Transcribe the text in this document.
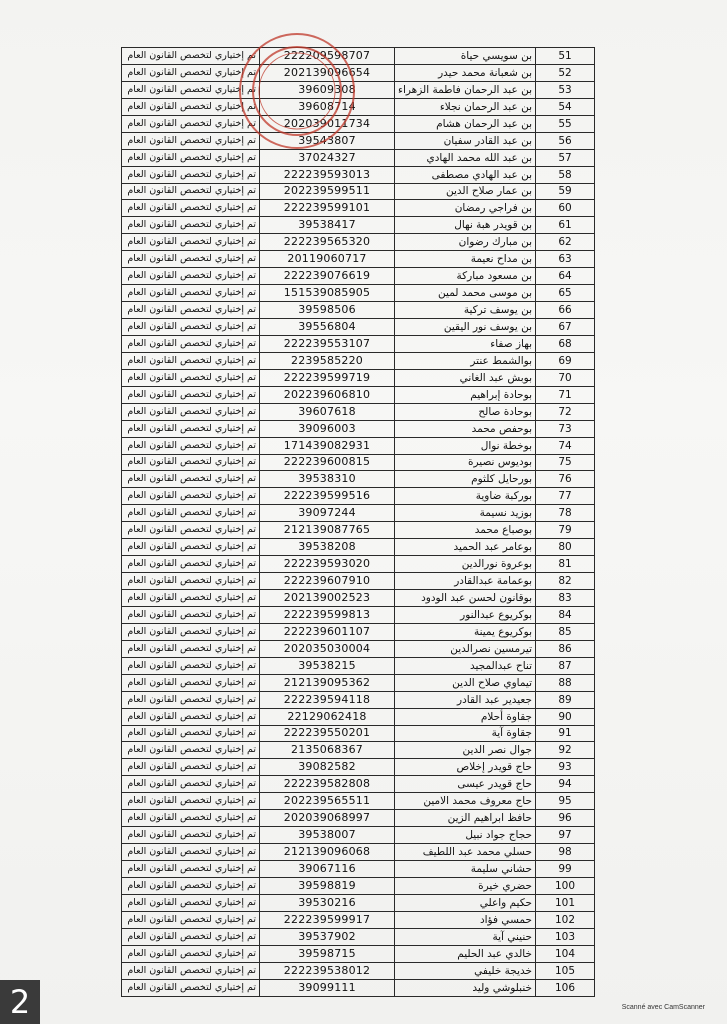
51	بن سويسي حياة	222209598707	تم إختياري لتخصص القانون العام
52	بن شعبانة محمد حيدر	202139096654	تم إختياري لتخصص القانون العام
53	بن عبد الرحمان فاطمة الزهراء	39609308	تم إختياري لتخصص القانون العام
54	بن عبد الرحمان نجلاء	39608714	تم إختياري لتخصص القانون العام
55	بن عبد الرحمان هشام	202039011734	تم إختياري لتخصص القانون العام
56	بن عبد القادر سفيان	39543807	تم إختياري لتخصص القانون العام
57	بن عبد الله محمد الهادي	37024327	تم إختياري لتخصص القانون العام
58	بن عبد الهادي مصطفى	222239593013	تم إختياري لتخصص القانون العام
59	بن عمار صلاح الدين	202239599511	تم إختياري لتخصص القانون العام
60	بن فراجي رمضان	222239599101	تم إختياري لتخصص القانون العام
61	بن قويدر هبة نهال	39538417	تم إختياري لتخصص القانون العام
62	بن مبارك رضوان	222239565320	تم إختياري لتخصص القانون العام
63	بن مداح نعيمة	20119060717	تم إختياري لتخصص القانون العام
64	بن مسعود مباركة	222239076619	تم إختياري لتخصص القانون العام
65	بن موسى محمد لمين	151539085905	تم إختياري لتخصص القانون العام
66	بن يوسف تركية	39598506	تم إختياري لتخصص القانون العام
67	بن يوسف نور اليقين	39556804	تم إختياري لتخصص القانون العام
68	بهاز صفاء	222239553107	تم إختياري لتخصص القانون العام
69	بوالشمط عنتر	2239585220	تم إختياري لتخصص القانون العام
70	بوبش عبد الغاني	222239599719	تم إختياري لتخصص القانون العام
71	بوحادة إبراهيم	202239606810	تم إختياري لتخصص القانون العام
72	بوحادة صالح	39607618	تم إختياري لتخصص القانون العام
73	بوحفص محمد	39096003	تم إختياري لتخصص القانون العام
74	بوخطة نوال	171439082931	تم إختياري لتخصص القانون العام
75	بوديوس نصيرة	222239600815	تم إختياري لتخصص القانون العام
76	بورحايل كلثوم	39538310	تم إختياري لتخصص القانون العام
77	بوركبة ضاوية	222239599516	تم إختياري لتخصص القانون العام
78	بوزيد نسيمة	39097244	تم إختياري لتخصص القانون العام
79	بوصباع محمد	212139087765	تم إختياري لتخصص القانون العام
80	بوعامر عبد الحميد	39538208	تم إختياري لتخصص القانون العام
81	بوعروة نورالدين	222239593020	تم إختياري لتخصص القانون العام
82	بوعمامة عبدالقادر	222239607910	تم إختياري لتخصص القانون العام
83	بوقانون لحسن عبد الودود	202139002523	تم إختياري لتخصص القانون العام
84	بوكريوع عبدالنور	222239599813	تم إختياري لتخصص القانون العام
85	بوكريوع يمينة	222239601107	تم إختياري لتخصص القانون العام
86	تيرمسين نصرالدين	202035030004	تم إختياري لتخصص القانون العام
87	تناح عبدالمجيد	39538215	تم إختياري لتخصص القانون العام
88	تيماوي صلاح الدين	212139095362	تم إختياري لتخصص القانون العام
89	جعيدير عبد القادر	222239594118	تم إختياري لتخصص القانون العام
90	جقاوة أحلام	22129062418	تم إختياري لتخصص القانون العام
91	جقاوة آية	222239550201	تم إختياري لتخصص القانون العام
92	جوال نصر الدين	2135068367	تم إختياري لتخصص القانون العام
93	حاج قويدر إخلاص	39082582	تم إختياري لتخصص القانون العام
94	حاج قويدر عيسى	222239582808	تم إختياري لتخصص القانون العام
95	حاج معروف محمد الامين	202239565511	تم إختياري لتخصص القانون العام
96	حافظ ابراهيم الزين	202039068997	تم إختياري لتخصص القانون العام
97	حجاج جواد نبيل	39538007	تم إختياري لتخصص القانون العام
98	حسلي محمد عبد اللطيف	212139096068	تم إختياري لتخصص القانون العام
99	حشاني سليمة	39067116	تم إختياري لتخصص القانون العام
100	حضري خيرة	39598819	تم إختياري لتخصص القانون العام
101	حكيم واعلي	39530216	تم إختياري لتخصص القانون العام
102	حمسي فؤاد	222239599917	تم إختياري لتخصص القانون العام
103	حنيني آية	39537902	تم إختياري لتخصص القانون العام
104	خالدي عبد الحليم	39598715	تم إختياري لتخصص القانون العام
105	خديجة خليفي	222239538012	تم إختياري لتخصص القانون العام
106	خنبلوشي وليد	39099111	تم إختياري لتخصص القانون العام
2	Scanné avec CamScanner
